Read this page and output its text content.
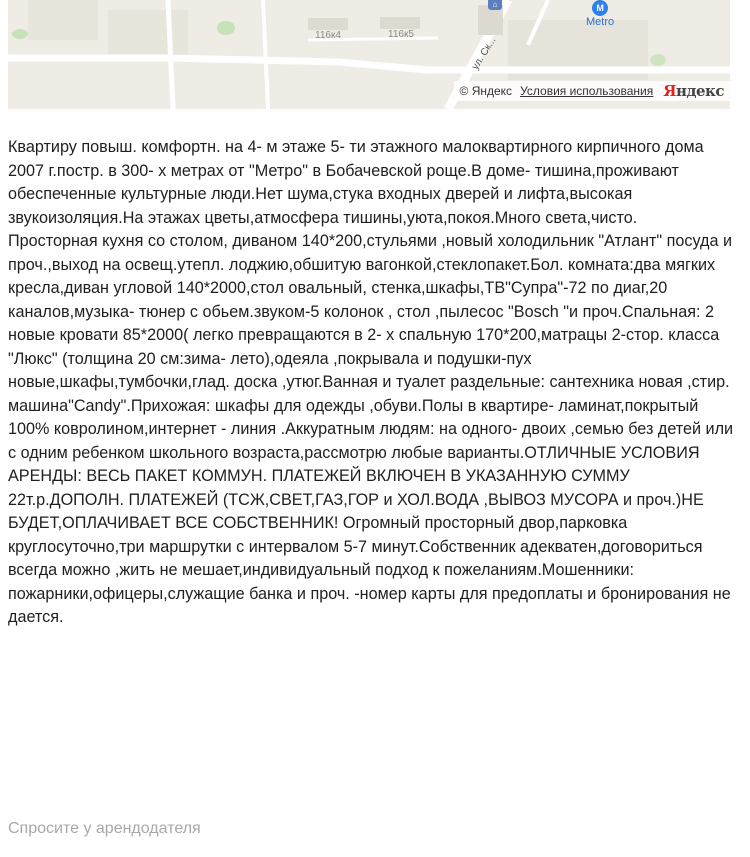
116к4	116к5
ул. Ск...
⌂	M
Metro
© Яндекс Условия использования Яндекс
Квартиру повыш. комфортн. на 4- м этаже 5- ти этажного малоквартирного кирпичного дома 2007 г.постр. в 300- х метрах от "Метро" в Бобачевской роще.В доме- тишина,проживают обеспеченные культурные люди.Нет шума,стука входных дверей и лифта,высокая звукоизоляция.На этажах цветы,атмосфера тишины,уюта,покоя.Много света,чисто.
Просторная кухня со столом, диваном 140*200,стульями ,новый холодильник "Атлант" посуда и проч.,выход на освещ.утепл. лоджию,обшитую вагонкой,стеклопакет.Бол. комната:два мягких кресла,диван угловой 140*2000,стол овальный, стенка,шкафы,ТВ"Супра"-72 по диаг,20 каналов,музыка- тюнер с обьем.звуком-5 колонок , стол ,пылесос "Bosch "и проч.Спальная: 2 новые кровати 85*2000( легко превращаются в 2- х спальную 170*200,матрацы 2-стор. класса "Люкс" (толщина 20 см:зима- лето),одеяла ,покрывала и подушки-пух новые,шкафы,тумбочки,глад. доска ,утюг.Ванная и туалет раздельные: сантехника новая ,стир. машина"Candy".Прихожая: шкафы для одежды ,обуви.Полы в квартире- ламинат,покрытый 100% ковролином,интернет - линия .Аккуратным людям: на одного- двоих ,семью без детей или с одним ребенком школьного возраста,рассмотрю любые варианты.ОТЛИЧНЫЕ УСЛОВИЯ АРЕНДЫ: ВЕСЬ ПАКЕТ КОММУН. ПЛАТЕЖЕЙ ВКЛЮЧЕН В УКАЗАННУЮ СУММУ 22т.р.ДОПОЛН. ПЛАТЕЖЕЙ (ТСЖ,СВЕТ,ГАЗ,ГОР и ХОЛ.ВОДА ,ВЫВОЗ МУСОРА и проч.)НЕ БУДЕТ,ОПЛАЧИВАЕТ ВСЕ СОБСТВЕННИК! Огромный просторный двор,парковка круглосуточно,три маршрутки с интервалом 5-7 минут.Собственник адекватен,договориться всегда можно ,жить не мешает,индивидуальный подход к пожеланиям.Мошенники: пожарники,офицеры,служащие банка и проч. -номер карты для предоплаты и бронирования не дается.
Спросите у арендодателя
